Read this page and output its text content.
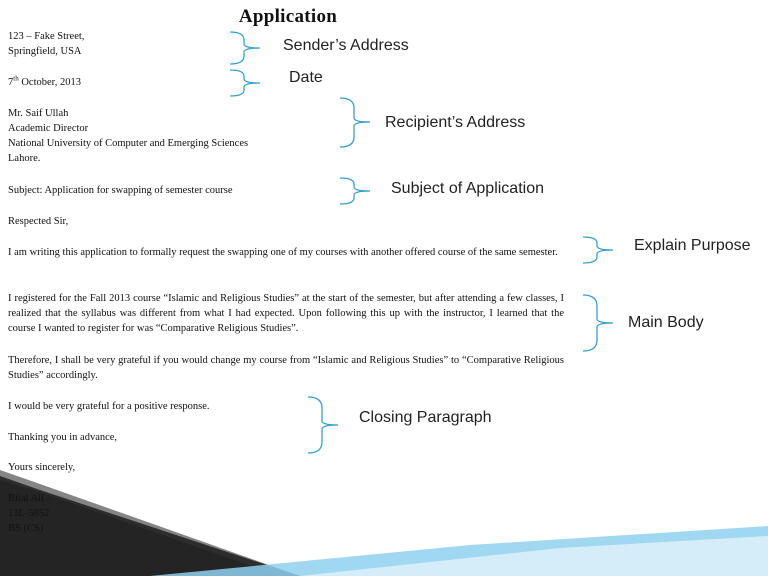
Application
123 – Fake Street,
Springfield, USA
7th October, 2013
Mr. Saif Ullah
Academic Director
National University of Computer and Emerging Sciences
Lahore.
Subject: Application for swapping of semester course
Respected Sir,
I am writing this application to formally request the swapping one of my courses with another offered course of the same semester.
I registered for the Fall 2013 course “Islamic and Religious Studies” at the start of the semester, but after attending a few classes, I realized that the syllabus was different from what I had expected. Upon following this up with the instructor, I learned that the course I wanted to register for was “Comparative Religious Studies”.
Therefore, I shall be very grateful if you would change my course from “Islamic and Religious Studies” to “Comparative Religious Studies” accordingly.
I would be very grateful for a positive response.
Thanking you in advance,
Yours sincerely,
Sender’s Address
Date
Recipient’s Address
Subject of Application
Explain Purpose
Main Body
Closing Paragraph
